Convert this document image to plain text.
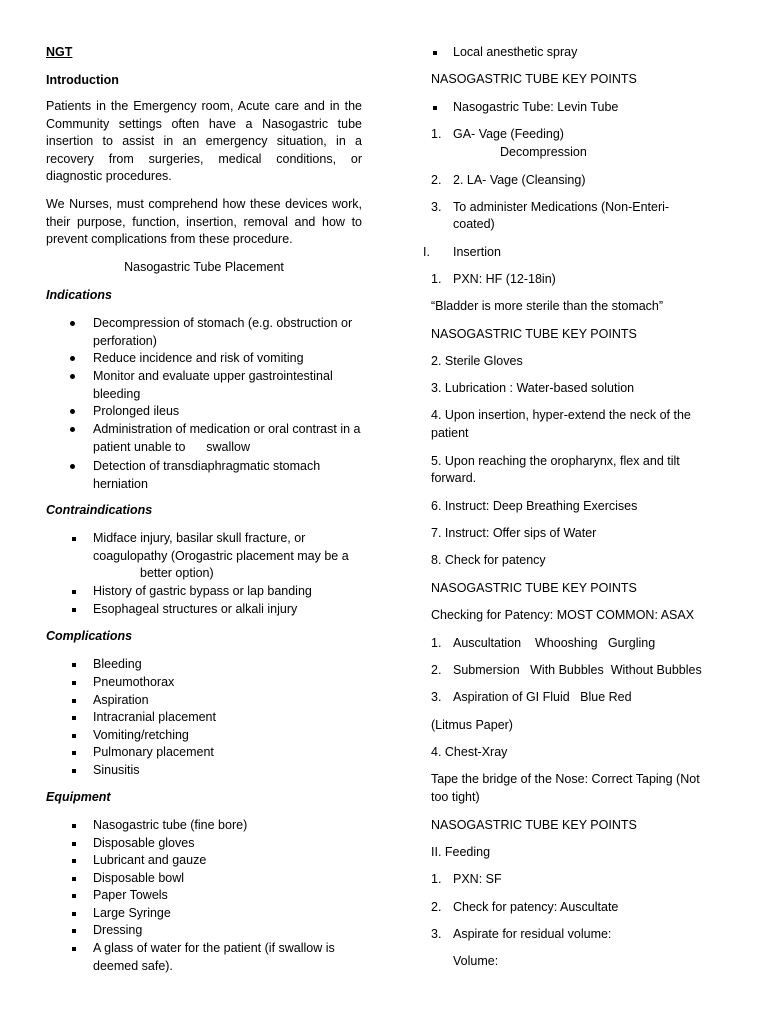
NGT
Introduction
Patients in the Emergency room, Acute care and in the Community settings often have a Nasogastric tube insertion to assist in an emergency situation, in a recovery from surgeries, medical conditions, or diagnostic procedures.
We Nurses, must comprehend how these devices work, their purpose, function, insertion, removal and how to prevent complications from these procedure.
Nasogastric Tube Placement
Indications
Decompression of stomach (e.g. obstruction or perforation)
Reduce incidence and risk of vomiting
Monitor and evaluate upper gastrointestinal bleeding
Prolonged ileus
Administration of medication or oral contrast in a patient unable to      swallow
Detection of transdiaphragmatic stomach herniation
Contraindications
Midface injury, basilar skull fracture, or coagulopathy (Orogastric placement may be a
better option)
History of gastric bypass or lap banding
Esophageal structures or alkali injury
Complications
Bleeding
Pneumothorax
Aspiration
Intracranial placement
Vomiting/retching
Pulmonary placement
Sinusitis
Equipment
Nasogastric tube (fine bore)
Disposable gloves
Lubricant and gauze
Disposable bowl
Paper Towels
Large Syringe
Dressing
A glass of water for the patient (if swallow is deemed safe).
Local anesthetic spray
NASOGASTRIC TUBE KEY POINTS
Nasogastric Tube: Levin Tube
1. GA- Vage (Feeding)
Decompression
2. 2. LA- Vage (Cleansing)
3. To administer Medications (Non-Enteri-
coated)
I. Insertion
1. PXN: HF (12-18in)
“Bladder is more sterile than the stomach”
NASOGASTRIC TUBE KEY POINTS
2. Sterile Gloves
3. Lubrication : Water-based solution
4. Upon insertion, hyper-extend the neck of the
patient
5. Upon reaching the oropharynx, flex and tilt
forward.
6. Instruct: Deep Breathing Exercises
7. Instruct: Offer sips of Water
8. Check for patency
NASOGASTRIC TUBE KEY POINTS
Checking for Patency: MOST COMMON: ASAX
1. Auscultation    Whooshing   Gurgling
2. Submersion   With Bubbles  Without Bubbles
3. Aspiration of GI Fluid   Blue Red
(Litmus Paper)
4. Chest-Xray
Tape the bridge of the Nose: Correct Taping (Not
too tight)
NASOGASTRIC TUBE KEY POINTS
II. Feeding
1. PXN: SF
2. Check for patency: Auscultate
3. Aspirate for residual volume:
Volume:
